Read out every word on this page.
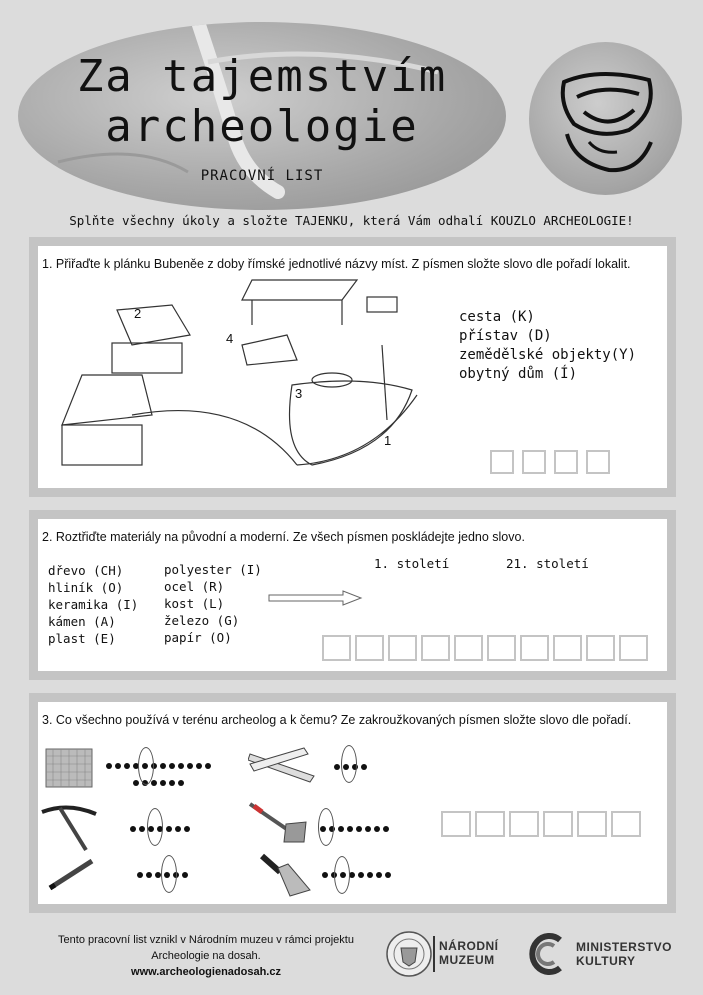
Za tajemstvím
archeologie
PRACOVNÍ LIST
Splňte všechny úkoly a složte TAJENKU, která Vám odhalí KOUZLO ARCHEOLOGIE!
1. Přiřaďte k plánku Bubeněe z doby římské jednotlivé názvy míst. Z písmen složte slovo dle pořadí lokalit.
2
4
3
1
cesta (K)
přístav (D)
zemědělské objekty(Y)
obytný dům (Í)
2. Roztřiďte materiály na původní a moderní. Ze všech písmen poskládejte jedno slovo.
dřevo (CH)
hliník (O)
keramika (I)
kámen (A)
plast (E)
polyester (I)
ocel (R)
kost (L)
železo (G)
papír (O)
1. století	21. století
3. Co všechno používá v terénu archeolog a k čemu? Ze zakroužkovaných písmen složte slovo dle pořadí.
Tento pracovní list vznikl v Národním muzeu v rámci projektu
Archeologie na dosah.
www.archeologienadosah.cz
NÁRODNÍ
MUZEUM
MINISTERSTVO
KULTURY
